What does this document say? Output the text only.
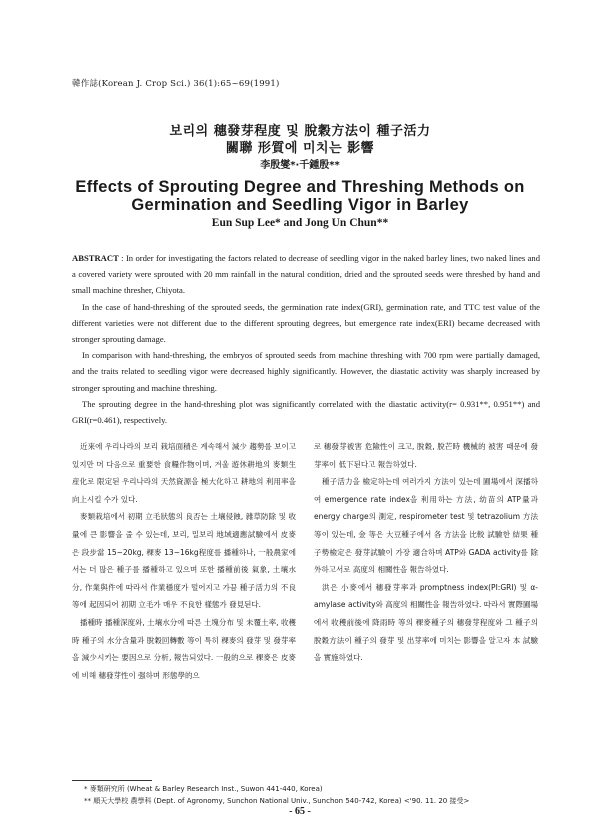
韓作誌(Korean J. Crop Sci.) 36(1):65~69(1991)
보리의 穗發芽程度 및 脫穀方法이 種子活力
關聯 形質에 미치는 影響
李殷燮*·千鍾殷**
Effects of Sprouting Degree and Threshing Methods on
Germination and Seedling Vigor in Barley
Eun Sup Lee* and Jong Un Chun**

ABSTRACT : In order for investigating the factors related to decrease of seedling vigor in the naked barley lines, two naked lines and a covered variety were sprouted with 20 mm rainfall in the natural condition, dried and the sprouted seeds were threshed by hand and small machine thresher, Chiyota.

In the case of hand-threshing of the sprouted seeds, the germination rate index(GRI), germination rate, and TTC test value of the different varieties were not different due to the different sprouting degrees, but emergence rate index(ERI) became decreased with stronger sprouting damage.

In comparison with hand-threshing, the embryos of sprouted seeds from machine threshing with 700 rpm were partially damaged, and the traits related to seedling vigor were decreased highly significantly. However, the diastatic activity was sharply increased by stronger sprouting and machine threshing.

The sprouting degree in the hand-threshing plot was significantly correlated with the diastatic activity(r= 0.931**, 0.951**) and GRI(r=0.461), respectively.

近來에 우리나라의 보리 栽培面積은 계속해서 減少 趨勢를 보이고 있지만 머 다음으로 重要한 食糧作物이며, 겨울 遊休耕地의 麥類生産化로 限定된 우리나라의 天然資源을 極大化하고 耕地의 利用率을 向上시킬 수가 있다.

麥類栽培에서 初期 立毛狀態의 良否는 土壤侵蝕, 雜草防除 및 收量에 큰 影響을 줄 수 있는데, 보리, 밀보리 地域適應試驗에서 皮麥은 段步當 15~20kg, 稞麥 13~16kg程度를 播種하나, 一般農家에서는 더 많은 種子를 播種하고 있으며 또한 播種前後 氣象, 土壤水分, 作業與件에 따라서 作業穩度가 떨어지고 가끔 種子活力의 不良 等에 起因되어 初期 立毛가 매우 不良한 樣態가 發見된다.

播種時 播種深度와, 土壤水分에 따른 土塊分布 및 未覆土率, 收穫時 種子의 水分含量과 脫穀回轉數 等이 특히 稞麥의 發芽 및 發芽率을 減少시키는 要因으로 分析, 報告되었다. 一般的으로 稞麥은 皮麥에 비해 穗發芽性이 强하며 形態學的으

로 穗發芽被害 危險性이 크고, 脫穀, 脫芒時 機械的 被害 때문에 發芽率이 低下된다고 報告하였다.

種子活力을 檢定하는데 여러가지 方法이 있는데 圃場에서 深播하여 emergence rate index을 利用하는 方法, 幼苗의 ATP量과 energy charge의 測定, respirometer test 및 tetrazolium 方法 等이 있는데, 金 等은 大豆種子에서 各 方法을 比較 試驗한 結果 種子勢檢定은 發芽試驗이 가장 適合하며 ATP와 GADA activity를 除外하고서로 高度의 相關性을 報告하였다.

洪은 小麥에서 穗發芽率과 promptness index(PI:GRI) 및 α-amylase activity와 高度의 相關性을 報告하였다. 따라서 實際圃場에서 收穫前後에 降雨時 等의 稞麥種子의 穗發芽程度와 그 種子의 脫穀方法이 種子의 發芽 및 出芽率에 미치는 影響을 알고자 本 試驗을 實施하였다.

* 麥類硏究所 (Wheat & Barley Research Inst., Suwon 441-440, Korea)
** 順天大學校 農學科 (Dept. of Agronomy, Sunchon National Univ., Sunchon 540-742, Korea) <'90. 11. 20 接受>
- 65 -
